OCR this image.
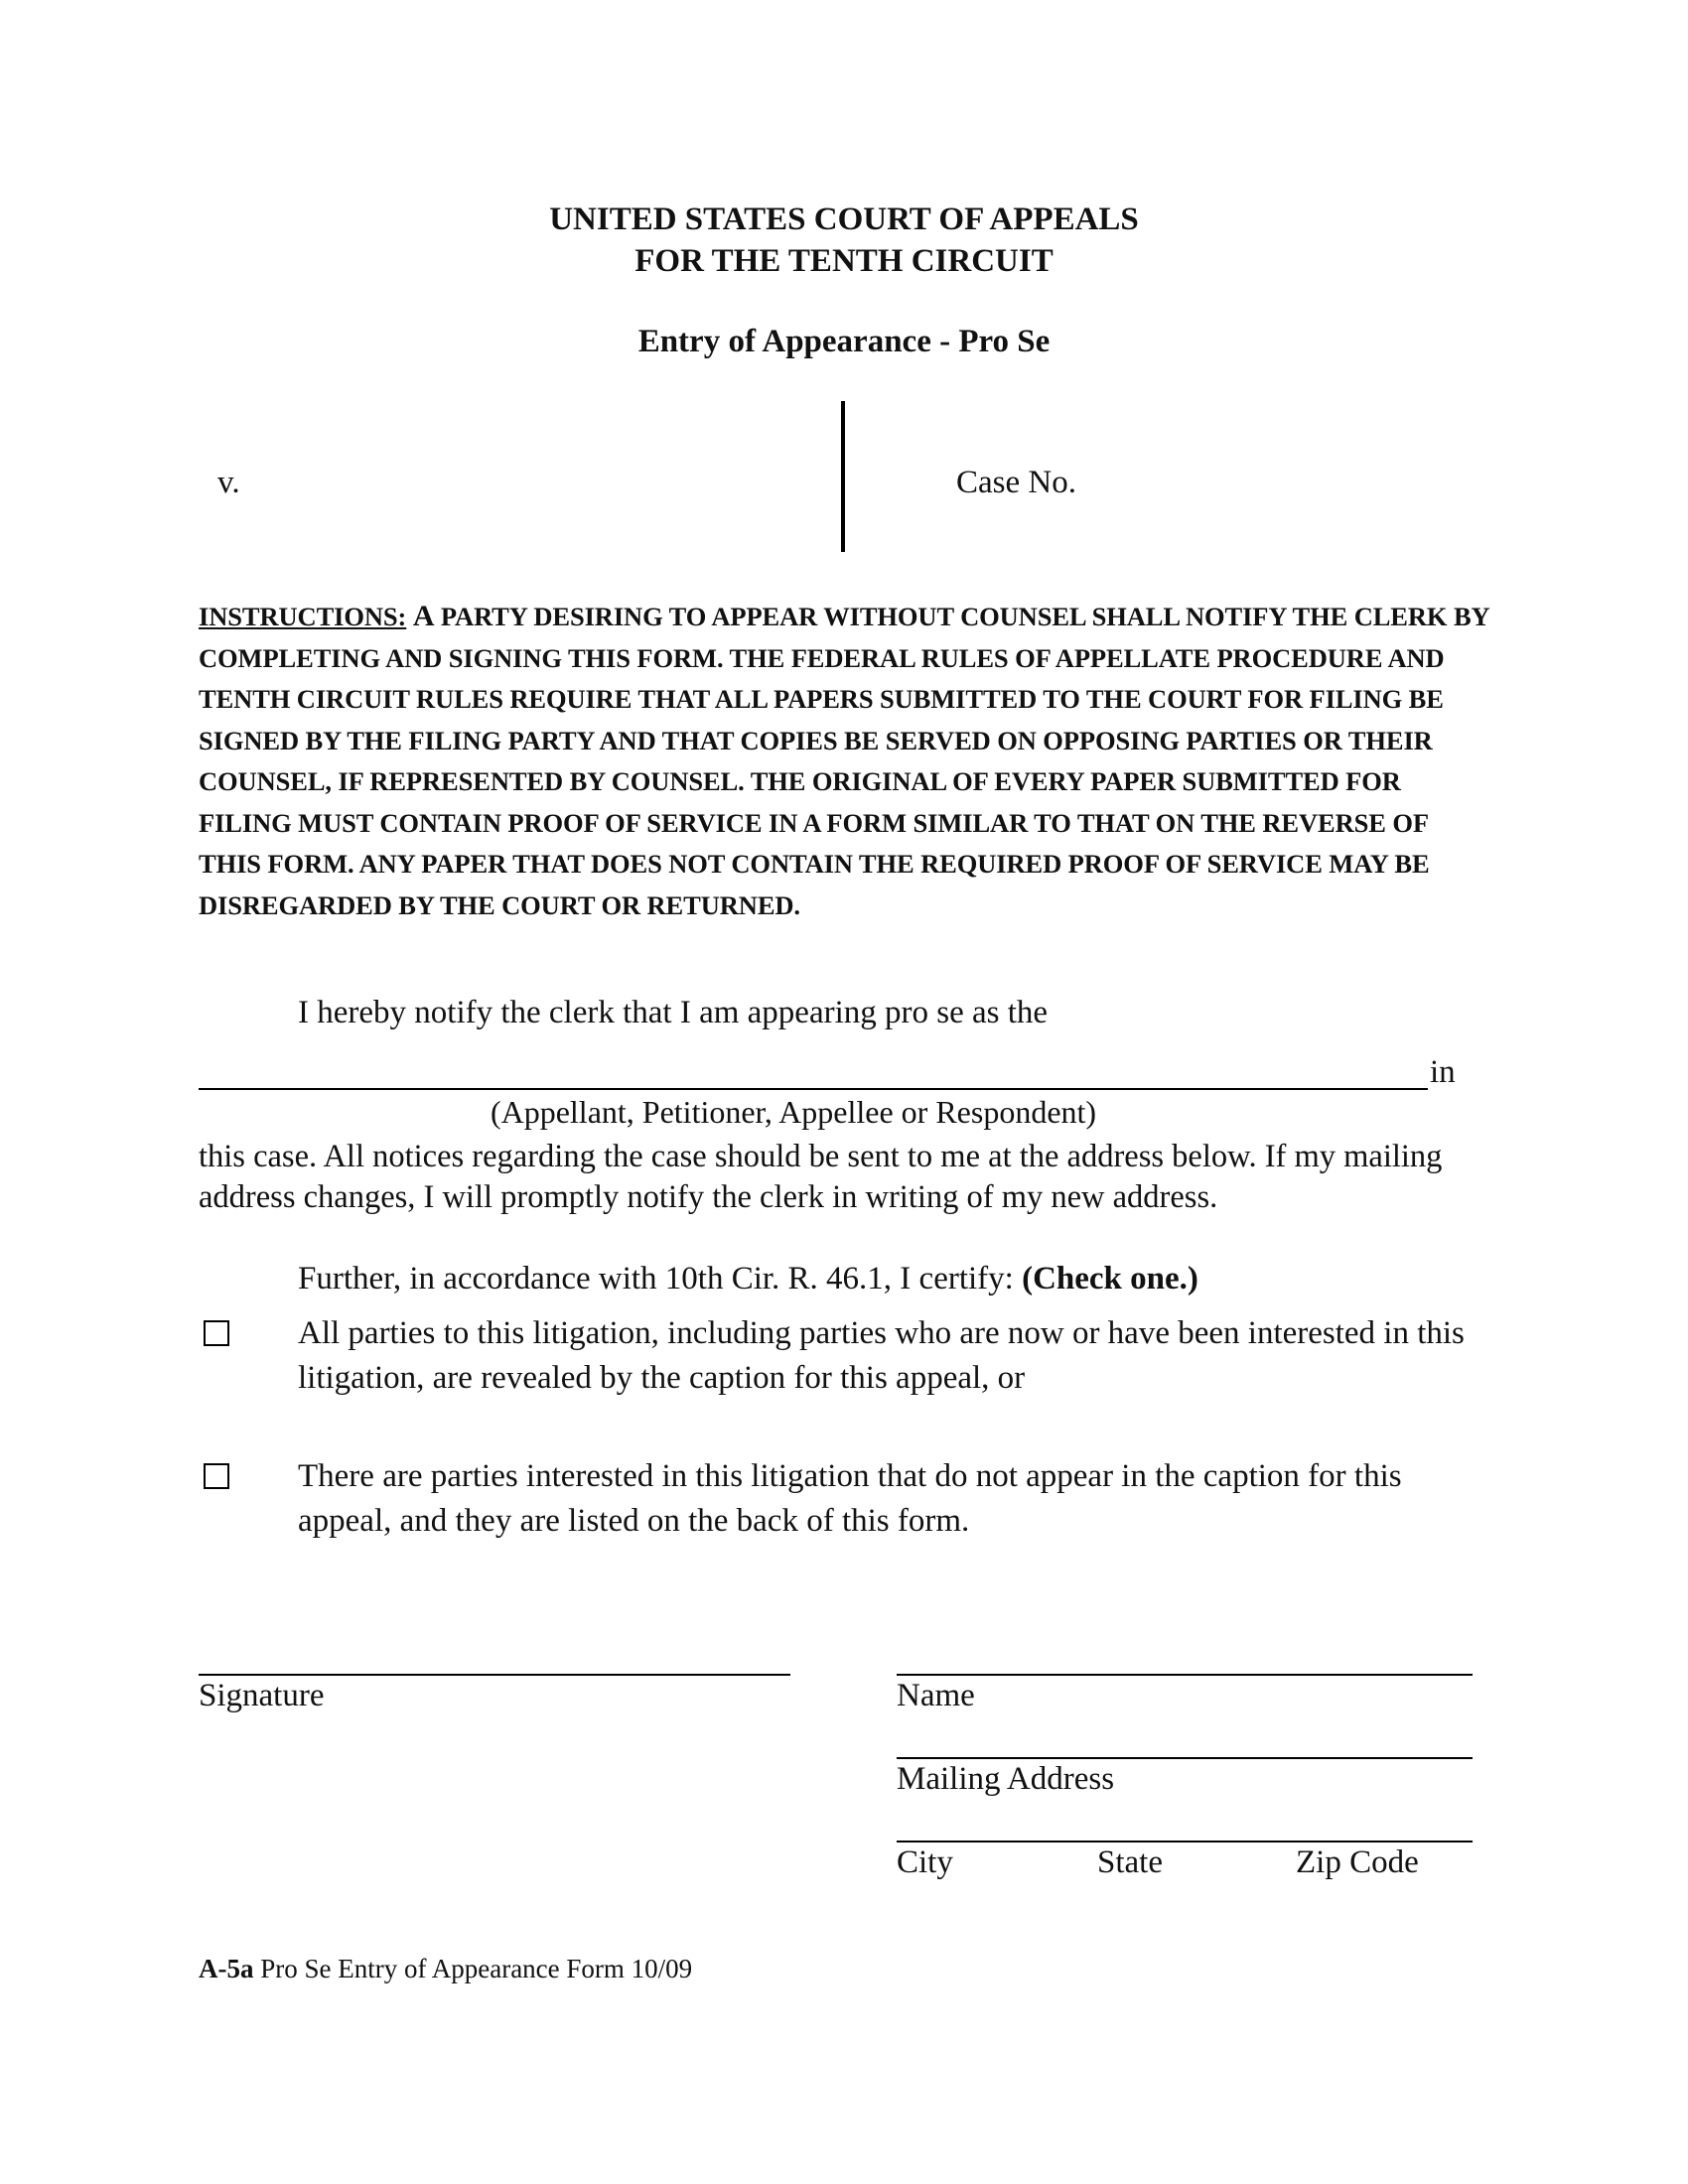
UNITED STATES COURT OF APPEALS
FOR THE TENTH CIRCUIT
Entry of Appearance - Pro Se
v.	Case No.
INSTRUCTIONS: A PARTY DESIRING TO APPEAR WITHOUT COUNSEL SHALL NOTIFY THE CLERK BY COMPLETING AND SIGNING THIS FORM. THE FEDERAL RULES OF APPELLATE PROCEDURE AND TENTH CIRCUIT RULES REQUIRE THAT ALL PAPERS SUBMITTED TO THE COURT FOR FILING BE SIGNED BY THE FILING PARTY AND THAT COPIES BE SERVED ON OPPOSING PARTIES OR THEIR COUNSEL, IF REPRESENTED BY COUNSEL. THE ORIGINAL OF EVERY PAPER SUBMITTED FOR FILING MUST CONTAIN PROOF OF SERVICE IN A FORM SIMILAR TO THAT ON THE REVERSE OF THIS FORM. ANY PAPER THAT DOES NOT CONTAIN THE REQUIRED PROOF OF SERVICE MAY BE DISREGARDED BY THE COURT OR RETURNED.
I hereby notify the clerk that I am appearing pro se as the
in
(Appellant, Petitioner, Appellee or Respondent)
this case. All notices regarding the case should be sent to me at the address below. If my mailing address changes, I will promptly notify the clerk in writing of my new address.
Further, in accordance with 10th Cir. R. 46.1, I certify: (Check one.)
All parties to this litigation, including parties who are now or have been interested in this litigation, are revealed by the caption for this appeal, or
There are parties interested in this litigation that do not appear in the caption for this appeal, and they are listed on the back of this form.
Signature	Name
Mailing Address
City	State	Zip Code
A-5a Pro Se Entry of Appearance Form 10/09
